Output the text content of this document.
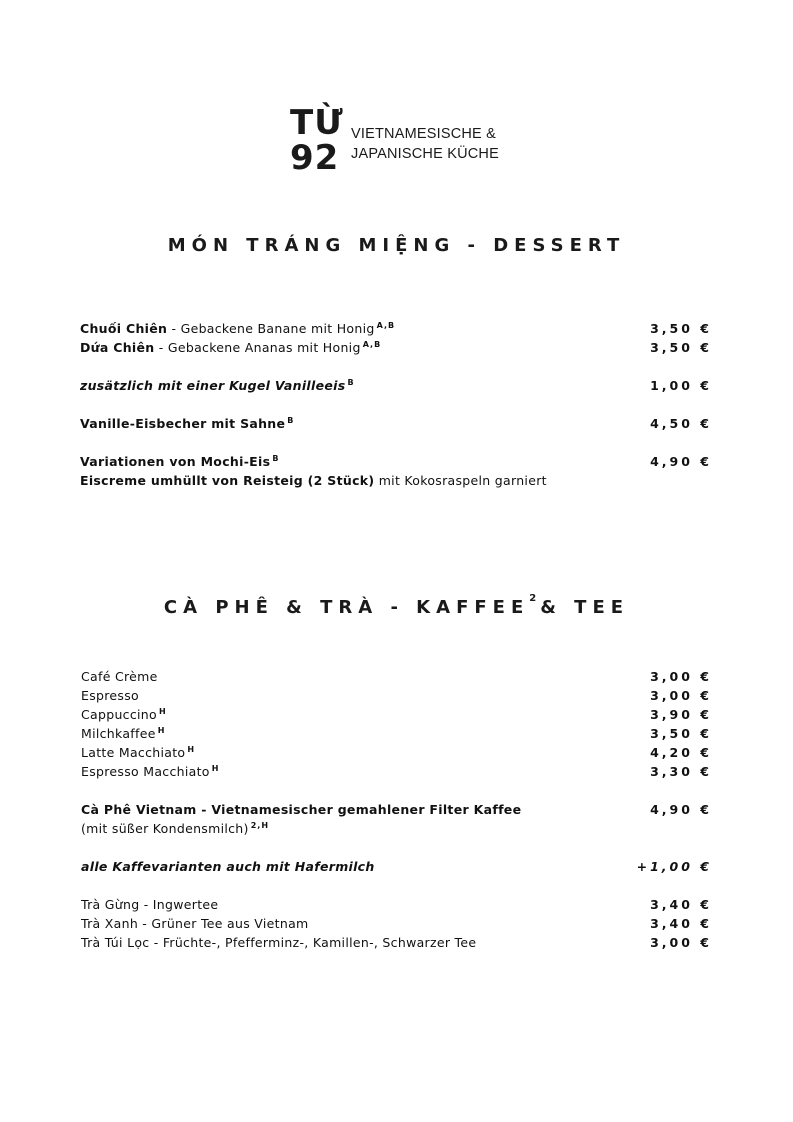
TỪ
92
VIETNAMESISCHE &
JAPANISCHE KÜCHE
MÓN TRÁNG MIỆNG - DESSERT
Chuối Chiên - Gebackene Banane mit Honig $^{A,B}$	3,50 €
Dứa Chiên - Gebackene Ananas mit Honig $^{A,B}$	3,50 €
zusätzlich mit einer Kugel Vanilleeis $^B$	1,00 €
Vanille-Eisbecher mit Sahne $^B$	4,50 €
Variationen von Mochi-Eis $^B$	4,90 €
Eiscreme umhüllt von Reisteig (2 Stück) mit Kokosraspeln garniert
CÀ PHÊ & TRÀ - KAFFEE$^2$ & TEE
Café Crème	3,00 €
Espresso	3,00 €
Cappuccino $^H$	3,90 €
Milchkaffee $^H$	3,50 €
Latte Macchiato $^H$	4,20 €
Espresso Macchiato $^H$	3,30 €
Cà Phê Vietnam - Vietnamesischer gemahlener Filter Kaffee	4,90 €
(mit süßer Kondensmilch) $^{2,H}$
alle Kaffevarianten auch mit Hafermilch	+1,00 €
Trà Gừng - Ingwertee	3,40 €
Trà Xanh - Grüner Tee aus Vietnam	3,40 €
Trà Túi Lọc - Früchte-, Pfefferminz-, Kamillen-, Schwarzer Tee	3,00 €
